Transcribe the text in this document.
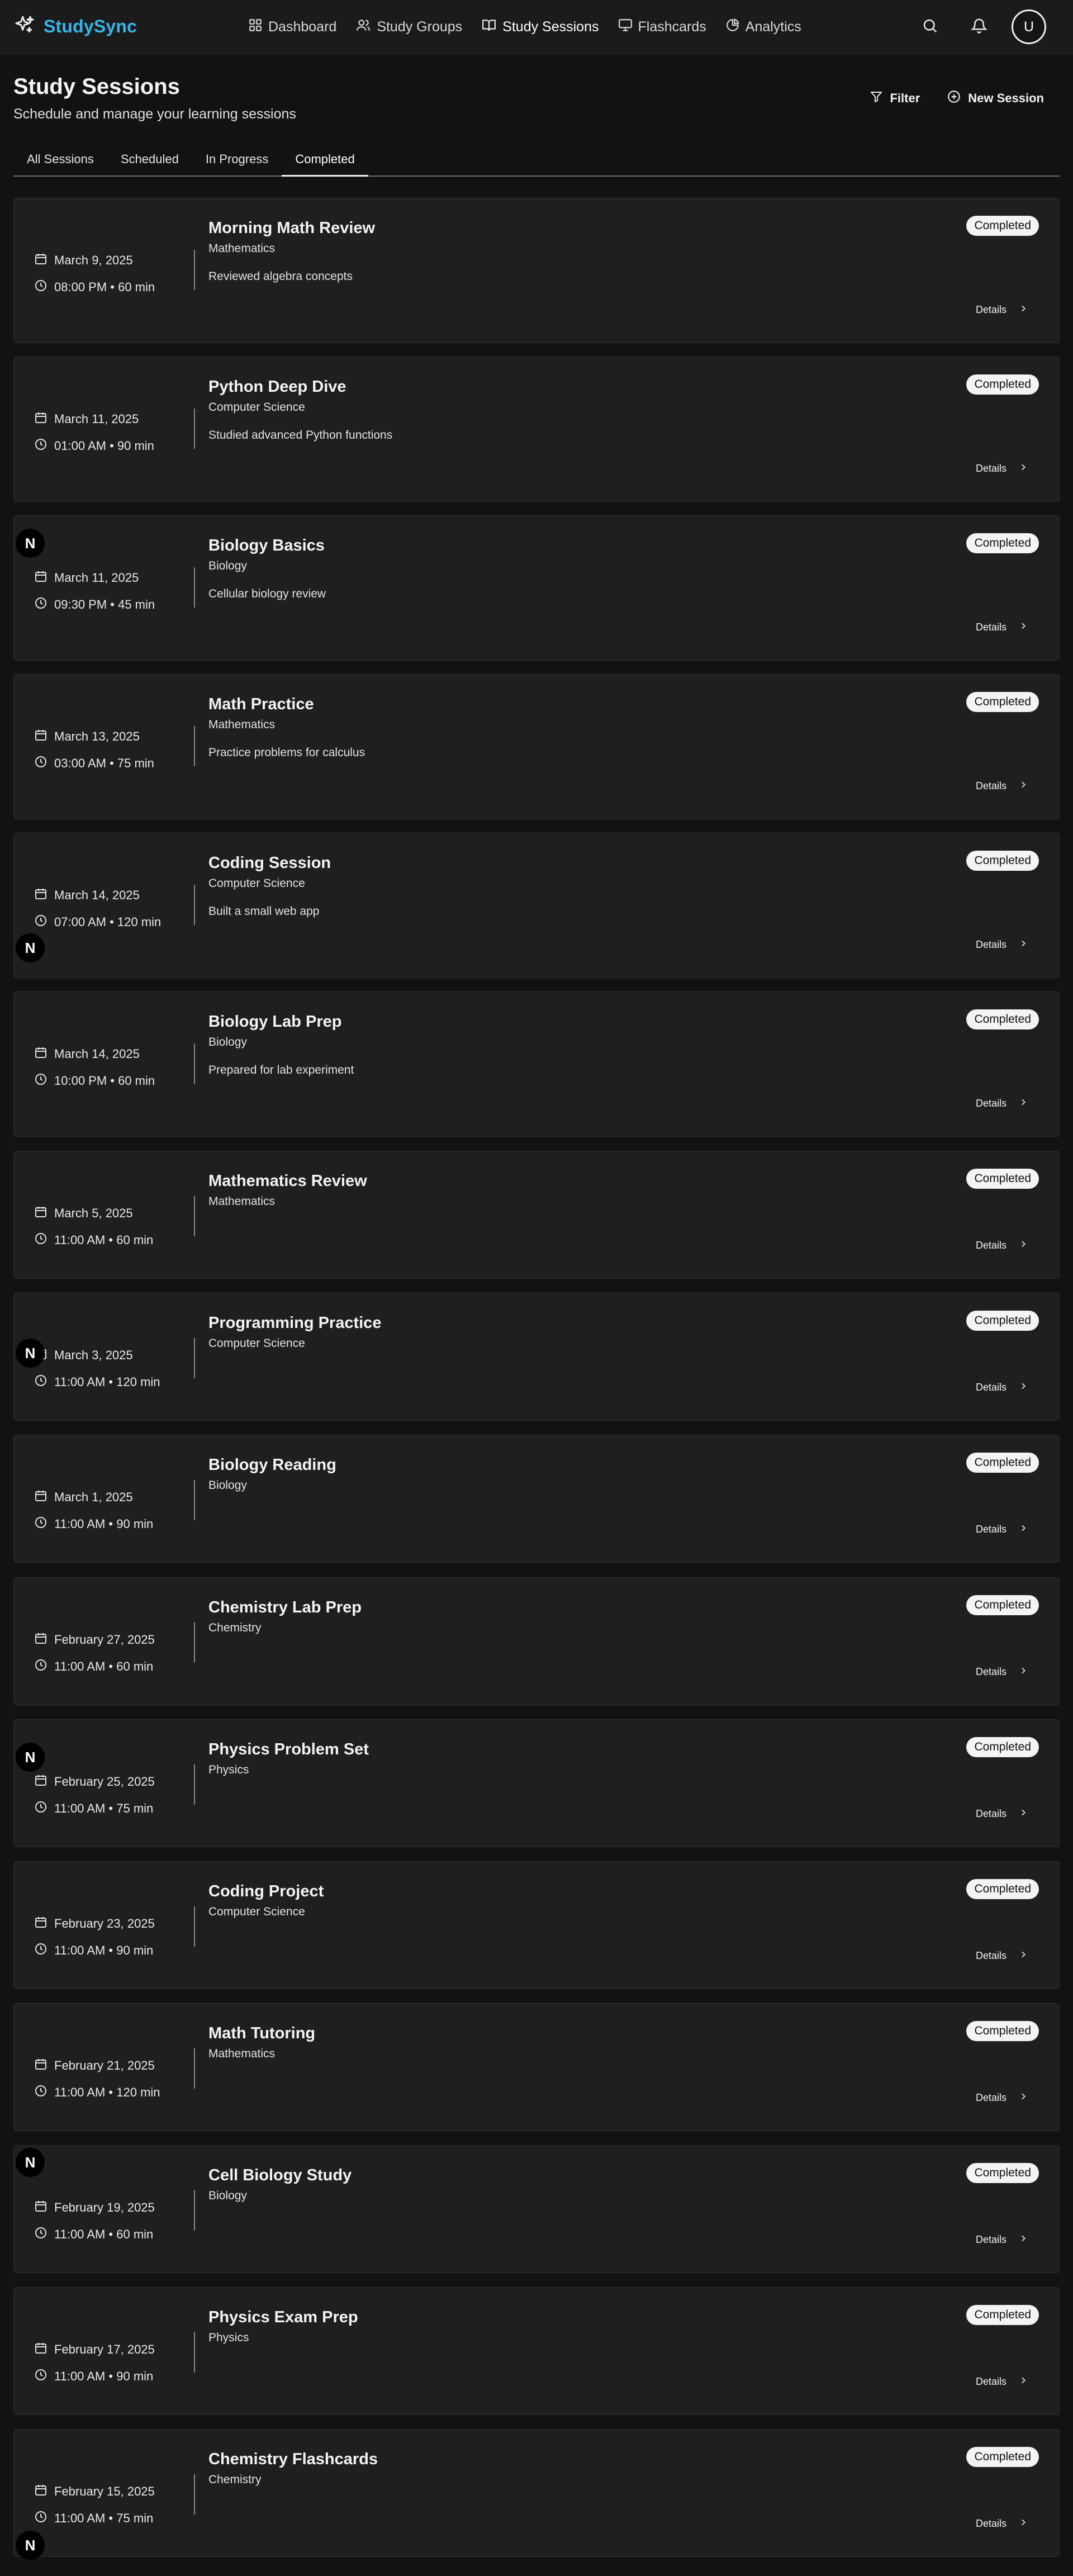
StudySync	Dashboard	Study Groups	Study Sessions	Flashcards	Analytics	U
Study Sessions
Schedule and manage your learning sessions
Filter	New Session
All Sessions	Scheduled	In Progress	Completed
March 9, 2025
08:00 PM • 60 min
Morning Math Review
Mathematics
Reviewed algebra concepts
Completed
Details
March 11, 2025
01:00 AM • 90 min
Python Deep Dive
Computer Science
Studied advanced Python functions
Completed
Details
March 11, 2025
09:30 PM • 45 min
Biology Basics
Biology
Cellular biology review
Completed
Details
March 13, 2025
03:00 AM • 75 min
Math Practice
Mathematics
Practice problems for calculus
Completed
Details
March 14, 2025
07:00 AM • 120 min
Coding Session
Computer Science
Built a small web app
Completed
Details
March 14, 2025
10:00 PM • 60 min
Biology Lab Prep
Biology
Prepared for lab experiment
Completed
Details
March 5, 2025
11:00 AM • 60 min
Mathematics Review
Mathematics
Completed
Details
March 3, 2025
11:00 AM • 120 min
Programming Practice
Computer Science
Completed
Details
March 1, 2025
11:00 AM • 90 min
Biology Reading
Biology
Completed
Details
February 27, 2025
11:00 AM • 60 min
Chemistry Lab Prep
Chemistry
Completed
Details
February 25, 2025
11:00 AM • 75 min
Physics Problem Set
Physics
Completed
Details
February 23, 2025
11:00 AM • 90 min
Coding Project
Computer Science
Completed
Details
February 21, 2025
11:00 AM • 120 min
Math Tutoring
Mathematics
Completed
Details
February 19, 2025
11:00 AM • 60 min
Cell Biology Study
Biology
Completed
Details
February 17, 2025
11:00 AM • 90 min
Physics Exam Prep
Physics
Completed
Details
February 15, 2025
11:00 AM • 75 min
Chemistry Flashcards
Chemistry
Completed
Details
N
N
N
N
N
N
